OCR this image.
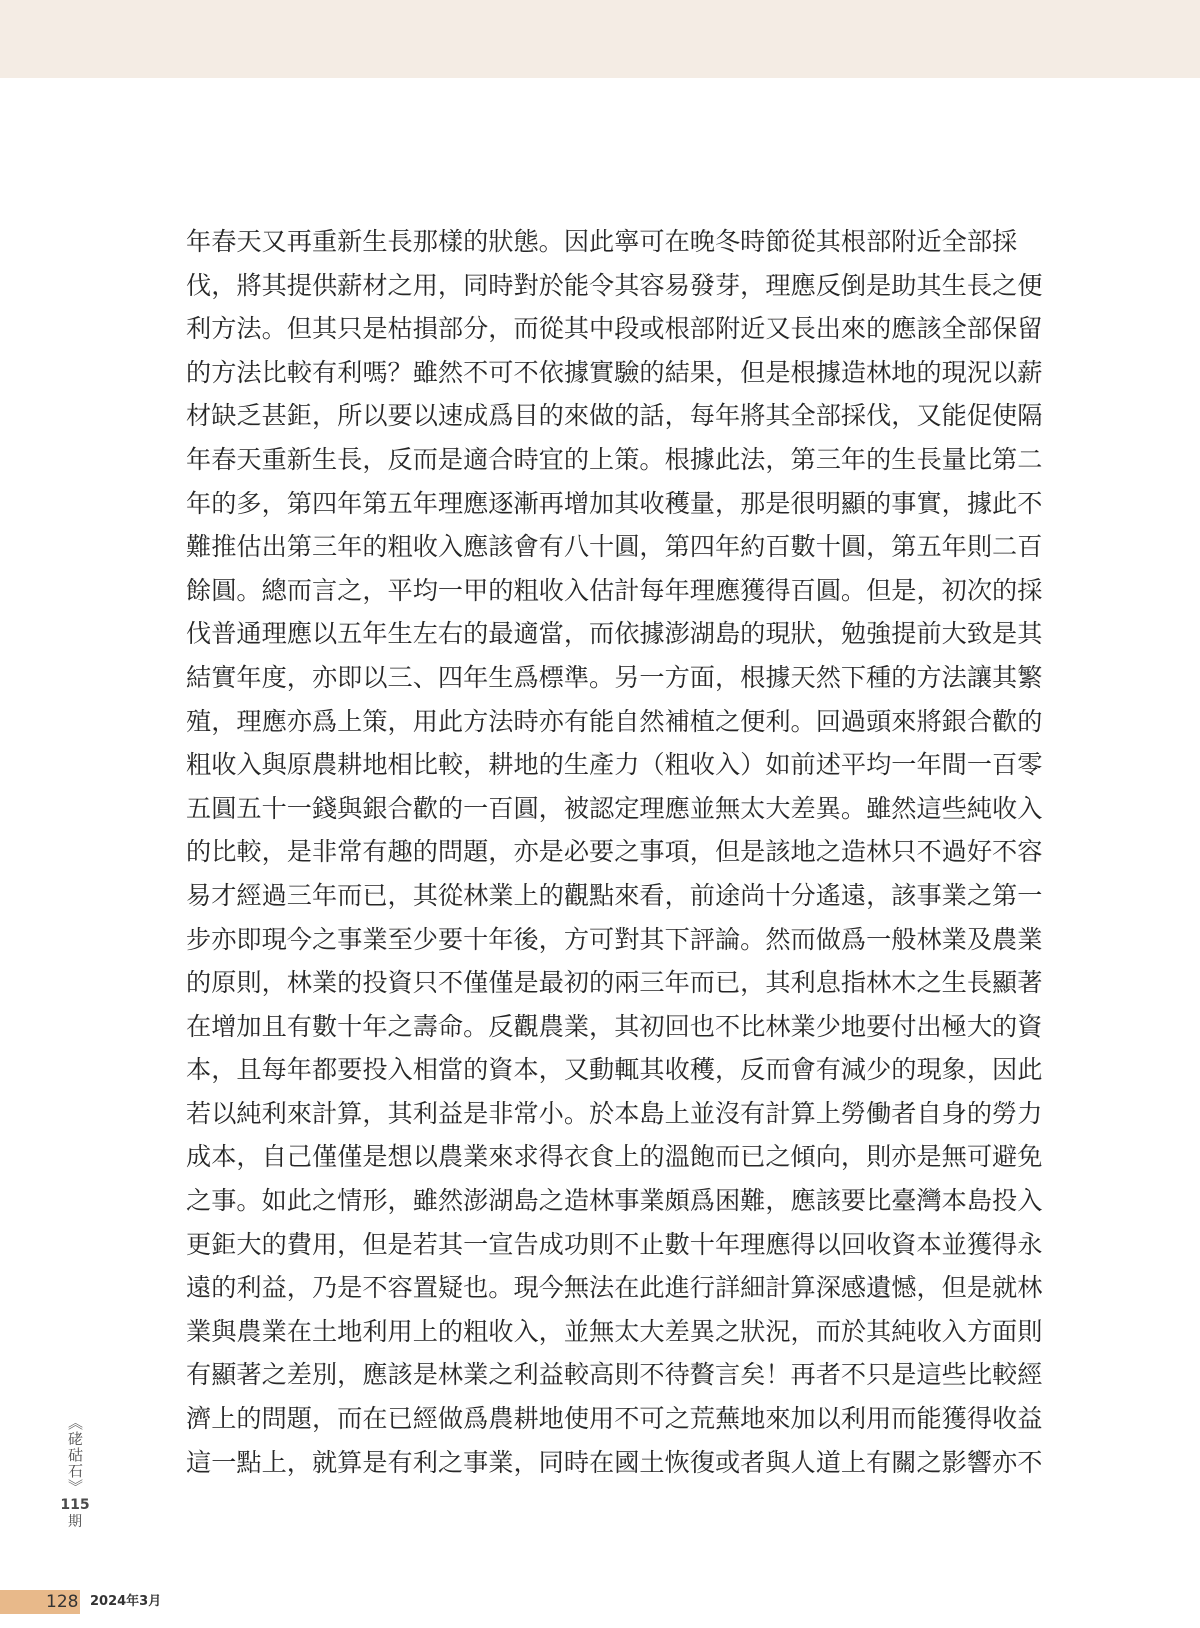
年春天又再重新生長那樣的狀態。因此寧可在晚冬時節從其根部附近全部採
伐，將其提供薪材之用，同時對於能令其容易發芽，理應反倒是助其生長之便
利方法。但其只是枯損部分，而從其中段或根部附近又長出來的應該全部保留
的方法比較有利嗎？雖然不可不依據實驗的結果，但是根據造林地的現況以薪
材缺乏甚鉅，所以要以速成爲目的來做的話，每年將其全部採伐，又能促使隔
年春天重新生長，反而是適合時宜的上策。根據此法，第三年的生長量比第二
年的多，第四年第五年理應逐漸再增加其收穫量，那是很明顯的事實，據此不
難推估出第三年的粗收入應該會有八十圓，第四年約百數十圓，第五年則二百
餘圓。總而言之，平均一甲的粗收入估計每年理應獲得百圓。但是，初次的採
伐普通理應以五年生左右的最適當，而依據澎湖島的現狀，勉強提前大致是其
結實年度，亦即以三、四年生爲標準。另一方面，根據天然下種的方法讓其繁
殖，理應亦爲上策，用此方法時亦有能自然補植之便利。回過頭來將銀合歡的
粗收入與原農耕地相比較，耕地的生產力（粗收入）如前述平均一年間一百零
五圓五十一錢與銀合歡的一百圓，被認定理應並無太大差異。雖然這些純收入
的比較，是非常有趣的問題，亦是必要之事項，但是該地之造林只不過好不容
易才經過三年而已，其從林業上的觀點來看，前途尚十分遙遠，該事業之第一
步亦即現今之事業至少要十年後，方可對其下評論。然而做爲一般林業及農業
的原則，林業的投資只不僅僅是最初的兩三年而已，其利息指林木之生長顯著
在增加且有數十年之壽命。反觀農業，其初回也不比林業少地要付出極大的資
本，且每年都要投入相當的資本，又動輒其收穫，反而會有減少的現象，因此
若以純利來計算，其利益是非常小。於本島上並沒有計算上勞働者自身的勞力
成本，自己僅僅是想以農業來求得衣食上的溫飽而已之傾向，則亦是無可避免
之事。如此之情形，雖然澎湖島之造林事業頗爲困難，應該要比臺灣本島投入
更鉅大的費用，但是若其一宣告成功則不止數十年理應得以回收資本並獲得永
遠的利益，乃是不容置疑也。現今無法在此進行詳細計算深感遺憾，但是就林
業與農業在土地利用上的粗收入，並無太大差異之狀況，而於其純收入方面則
有顯著之差別，應該是林業之利益較高則不待贅言矣！再者不只是這些比較經
濟上的問題，而在已經做爲農耕地使用不可之荒蕪地來加以利用而能獲得收益
這一點上，就算是有利之事業，同時在國土恢復或者與人道上有關之影響亦不
《硓𥑮石》
115
期
128 2024年3月
